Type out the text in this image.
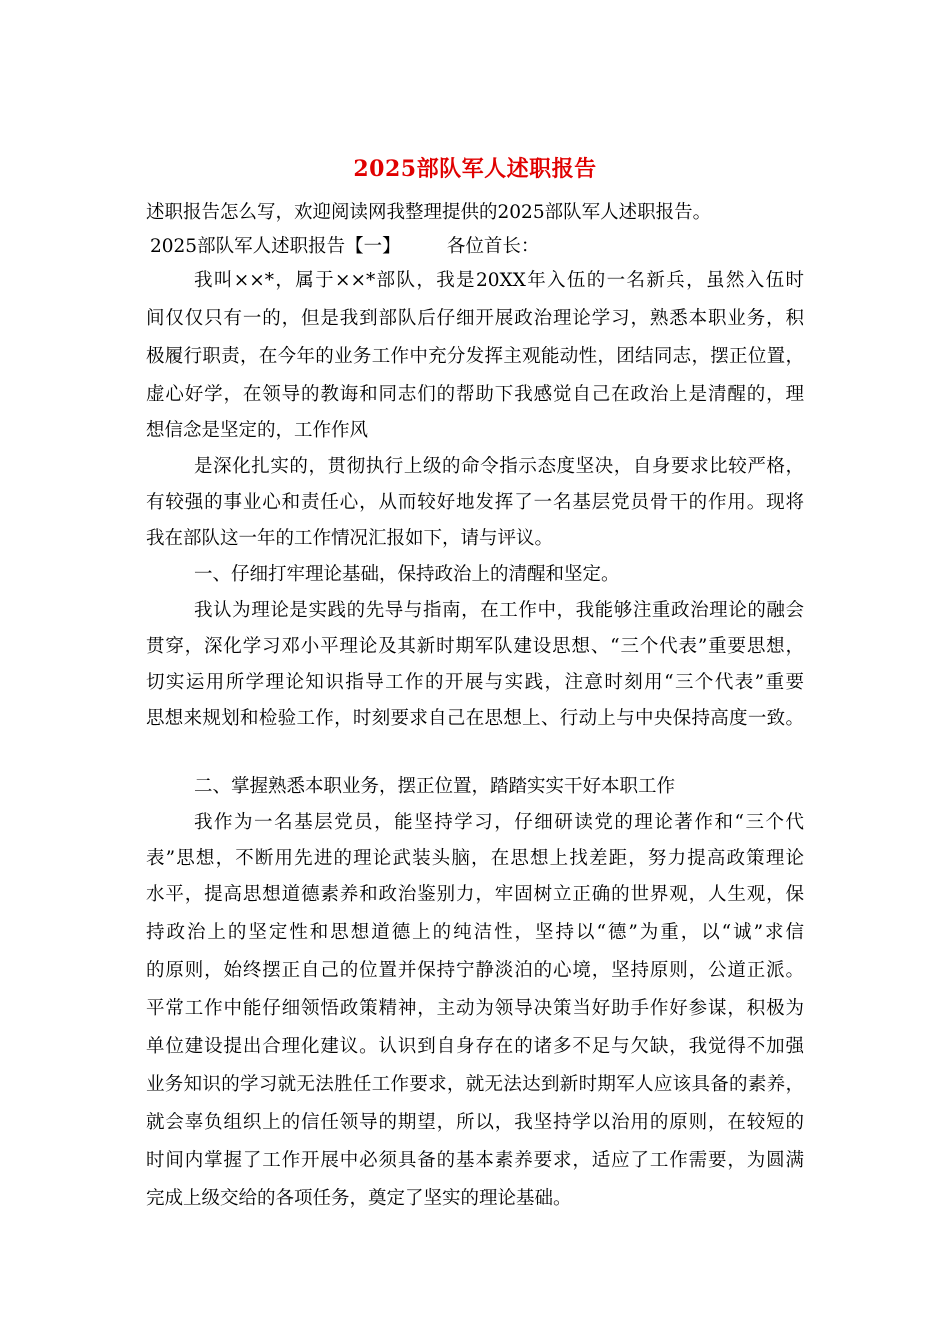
2025部队军人述职报告
述职报告怎么写，欢迎阅读网我整理提供的2025部队军人述职报告。
2025部队军人述职报告【一】　　　各位首长：
我叫××*，属于××*部队，我是20XX年入伍的一名新兵，虽然入伍时
间仅仅只有一的，但是我到部队后仔细开展政治理论学习，熟悉本职业务，积
极履行职责，在今年的业务工作中充分发挥主观能动性，团结同志，摆正位置，
虚心好学，在领导的教诲和同志们的帮助下我感觉自己在政治上是清醒的，理
想信念是坚定的，工作作风
是深化扎实的，贯彻执行上级的命令指示态度坚决，自身要求比较严格，
有较强的事业心和责任心，从而较好地发挥了一名基层党员骨干的作用。现将
我在部队这一年的工作情况汇报如下，请与评议。
一、仔细打牢理论基础，保持政治上的清醒和坚定。
我认为理论是实践的先导与指南，在工作中，我能够注重政治理论的融会
贯穿，深化学习邓小平理论及其新时期军队建设思想、“三个代表”重要思想，
切实运用所学理论知识指导工作的开展与实践，注意时刻用“三个代表”重要
思想来规划和检验工作，时刻要求自己在思想上、行动上与中央保持高度一致。
二、掌握熟悉本职业务，摆正位置，踏踏实实干好本职工作
我作为一名基层党员，能坚持学习，仔细研读党的理论著作和“三个代
表”思想，不断用先进的理论武装头脑，在思想上找差距，努力提高政策理论
水平，提高思想道德素养和政治鉴别力，牢固树立正确的世界观，人生观，保
持政治上的坚定性和思想道德上的纯洁性，坚持以“德”为重，以“诚”求信
的原则，始终摆正自己的位置并保持宁静淡泊的心境，坚持原则，公道正派。
平常工作中能仔细领悟政策精神，主动为领导决策当好助手作好参谋，积极为
单位建设提出合理化建议。认识到自身存在的诸多不足与欠缺，我觉得不加强
业务知识的学习就无法胜任工作要求，就无法达到新时期军人应该具备的素养，
就会辜负组织上的信任领导的期望，所以，我坚持学以治用的原则，在较短的
时间内掌握了工作开展中必须具备的基本素养要求，适应了工作需要，为圆满
完成上级交给的各项任务，奠定了坚实的理论基础。
